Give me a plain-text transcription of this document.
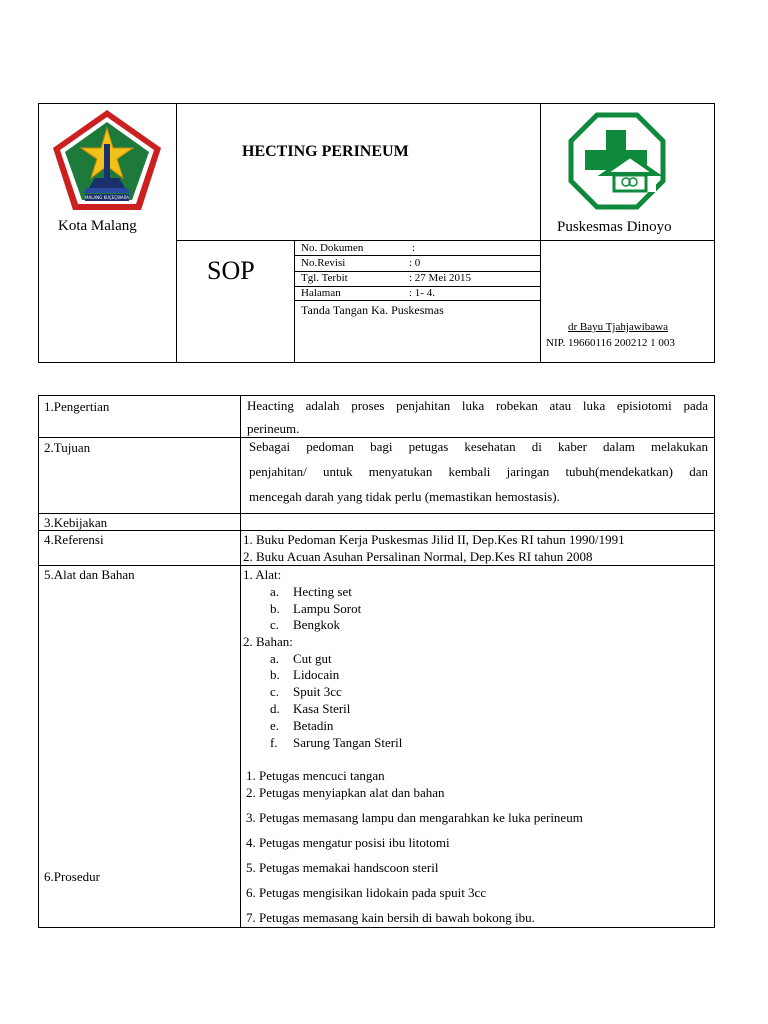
MALANG KUÇEÇWARA
Kota Malang
HECTING PERINEUM
Puskesmas Dinoyo
SOP
No. Dokumen	:
No.Revisi	: 0
Tgl. Terbit	: 27 Mei 2015
Halaman	: 1- 4.
Tanda Tangan Ka. Puskesmas
dr Bayu Tjahjawibawa
NIP. 19660116 200212 1 003
1.Pengertian	Heacting adalah proses penjahitan luka robekan atau luka episiotomi pada
perineum.
2.Tujuan	Sebagai pedoman bagi petugas kesehatan di kaber dalam melakukan
penjahitan/ untuk menyatukan kembali jaringan tubuh(mendekatkan) dan
mencegah darah yang tidak perlu (memastikan hemostasis).
3.Kebijakan
4.Referensi	1. Buku Pedoman Kerja Puskesmas Jilid II, Dep.Kes RI tahun 1990/1991
2. Buku Acuan Asuhan Persalinan Normal, Dep.Kes RI tahun 2008
5.Alat dan Bahan	1. Alat:
a. Hecting set
b. Lampu Sorot
c. Bengkok
2. Bahan:
a. Cut gut
b. Lidocain
c. Spuit 3cc
d. Kasa Steril
e. Betadin
f. Sarung Tangan Steril
6.Prosedur
1. Petugas mencuci tangan
2. Petugas menyiapkan alat dan bahan
3. Petugas memasang lampu dan mengarahkan ke luka perineum
4. Petugas mengatur posisi ibu litotomi
5. Petugas memakai handscoon steril
6. Petugas mengisikan lidokain pada spuit 3cc
7. Petugas memasang kain bersih di bawah bokong ibu.
